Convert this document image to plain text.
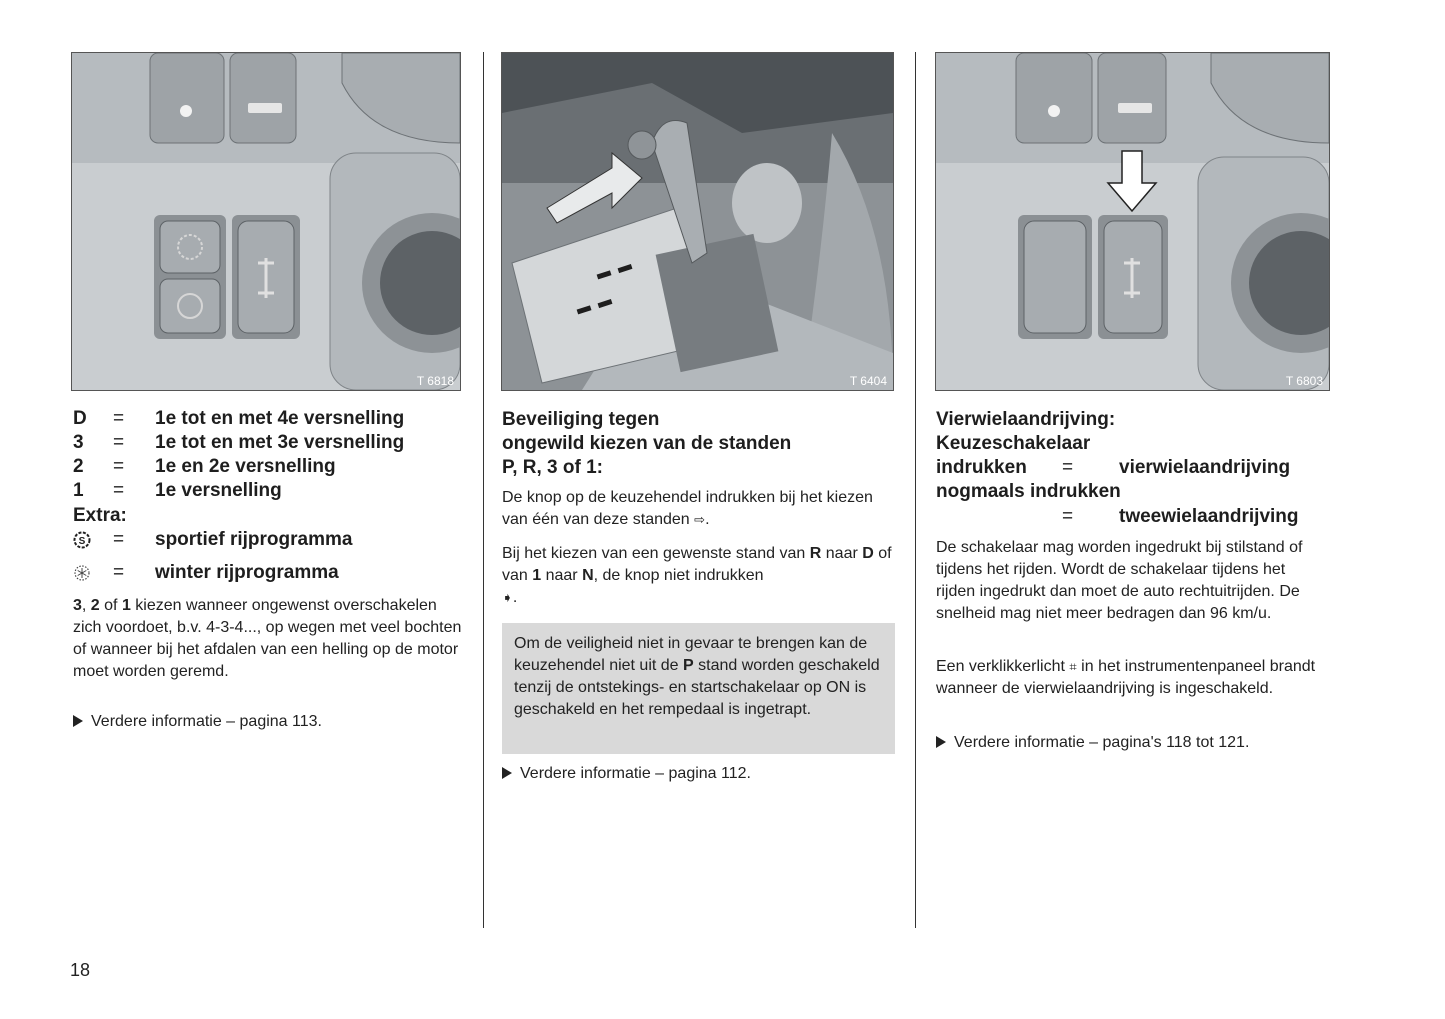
T 6818	T 6404	T 6803
D = 1e tot en met 4e versnelling
3 = 1e tot en met 3e versnelling
2 = 1e en 2e versnelling
1 = 1e versnelling
Extra:
S = sportief rijprogramma
= winter rijprogramma
3, 2 of 1 kiezen wanneer ongewenst overschakelen zich voordoet, b.v. 4-3-4..., op wegen met veel bochten of wanneer bij het afdalen van een helling op de motor moet worden geremd.
Verdere informatie – pagina 113.
Beveiliging tegen
ongewild kiezen van de standen
P, R, 3 of 1:
De knop op de keuzehendel indrukken bij het kiezen van één van deze standen ⇨.
Bij het kiezen van een gewenste stand van R naar D of van 1 naar N, de knop niet indrukken
➧.
Om de veiligheid niet in gevaar te brengen kan de keuzehendel niet uit de P stand worden geschakeld tenzij de ontstekings- en startschakelaar op ON is geschakeld en het rempedaal is ingetrapt.
Verdere informatie – pagina 112.
Vierwielaandrijving:
Keuzeschakelaar
indrukken = vierwielaandrijving
nogmaals indrukken
= tweewielaandrijving
De schakelaar mag worden ingedrukt bij stilstand of tijdens het rijden. Wordt de schakelaar tijdens het rijden ingedrukt dan moet de auto rechtuitrijden. De snelheid mag niet meer bedragen dan 96 km/u.
Een verklikkerlicht ⌗ in het instrumentenpaneel brandt wanneer de vierwielaandrijving is ingeschakeld.
Verdere informatie – pagina's 118 tot 121.
18
